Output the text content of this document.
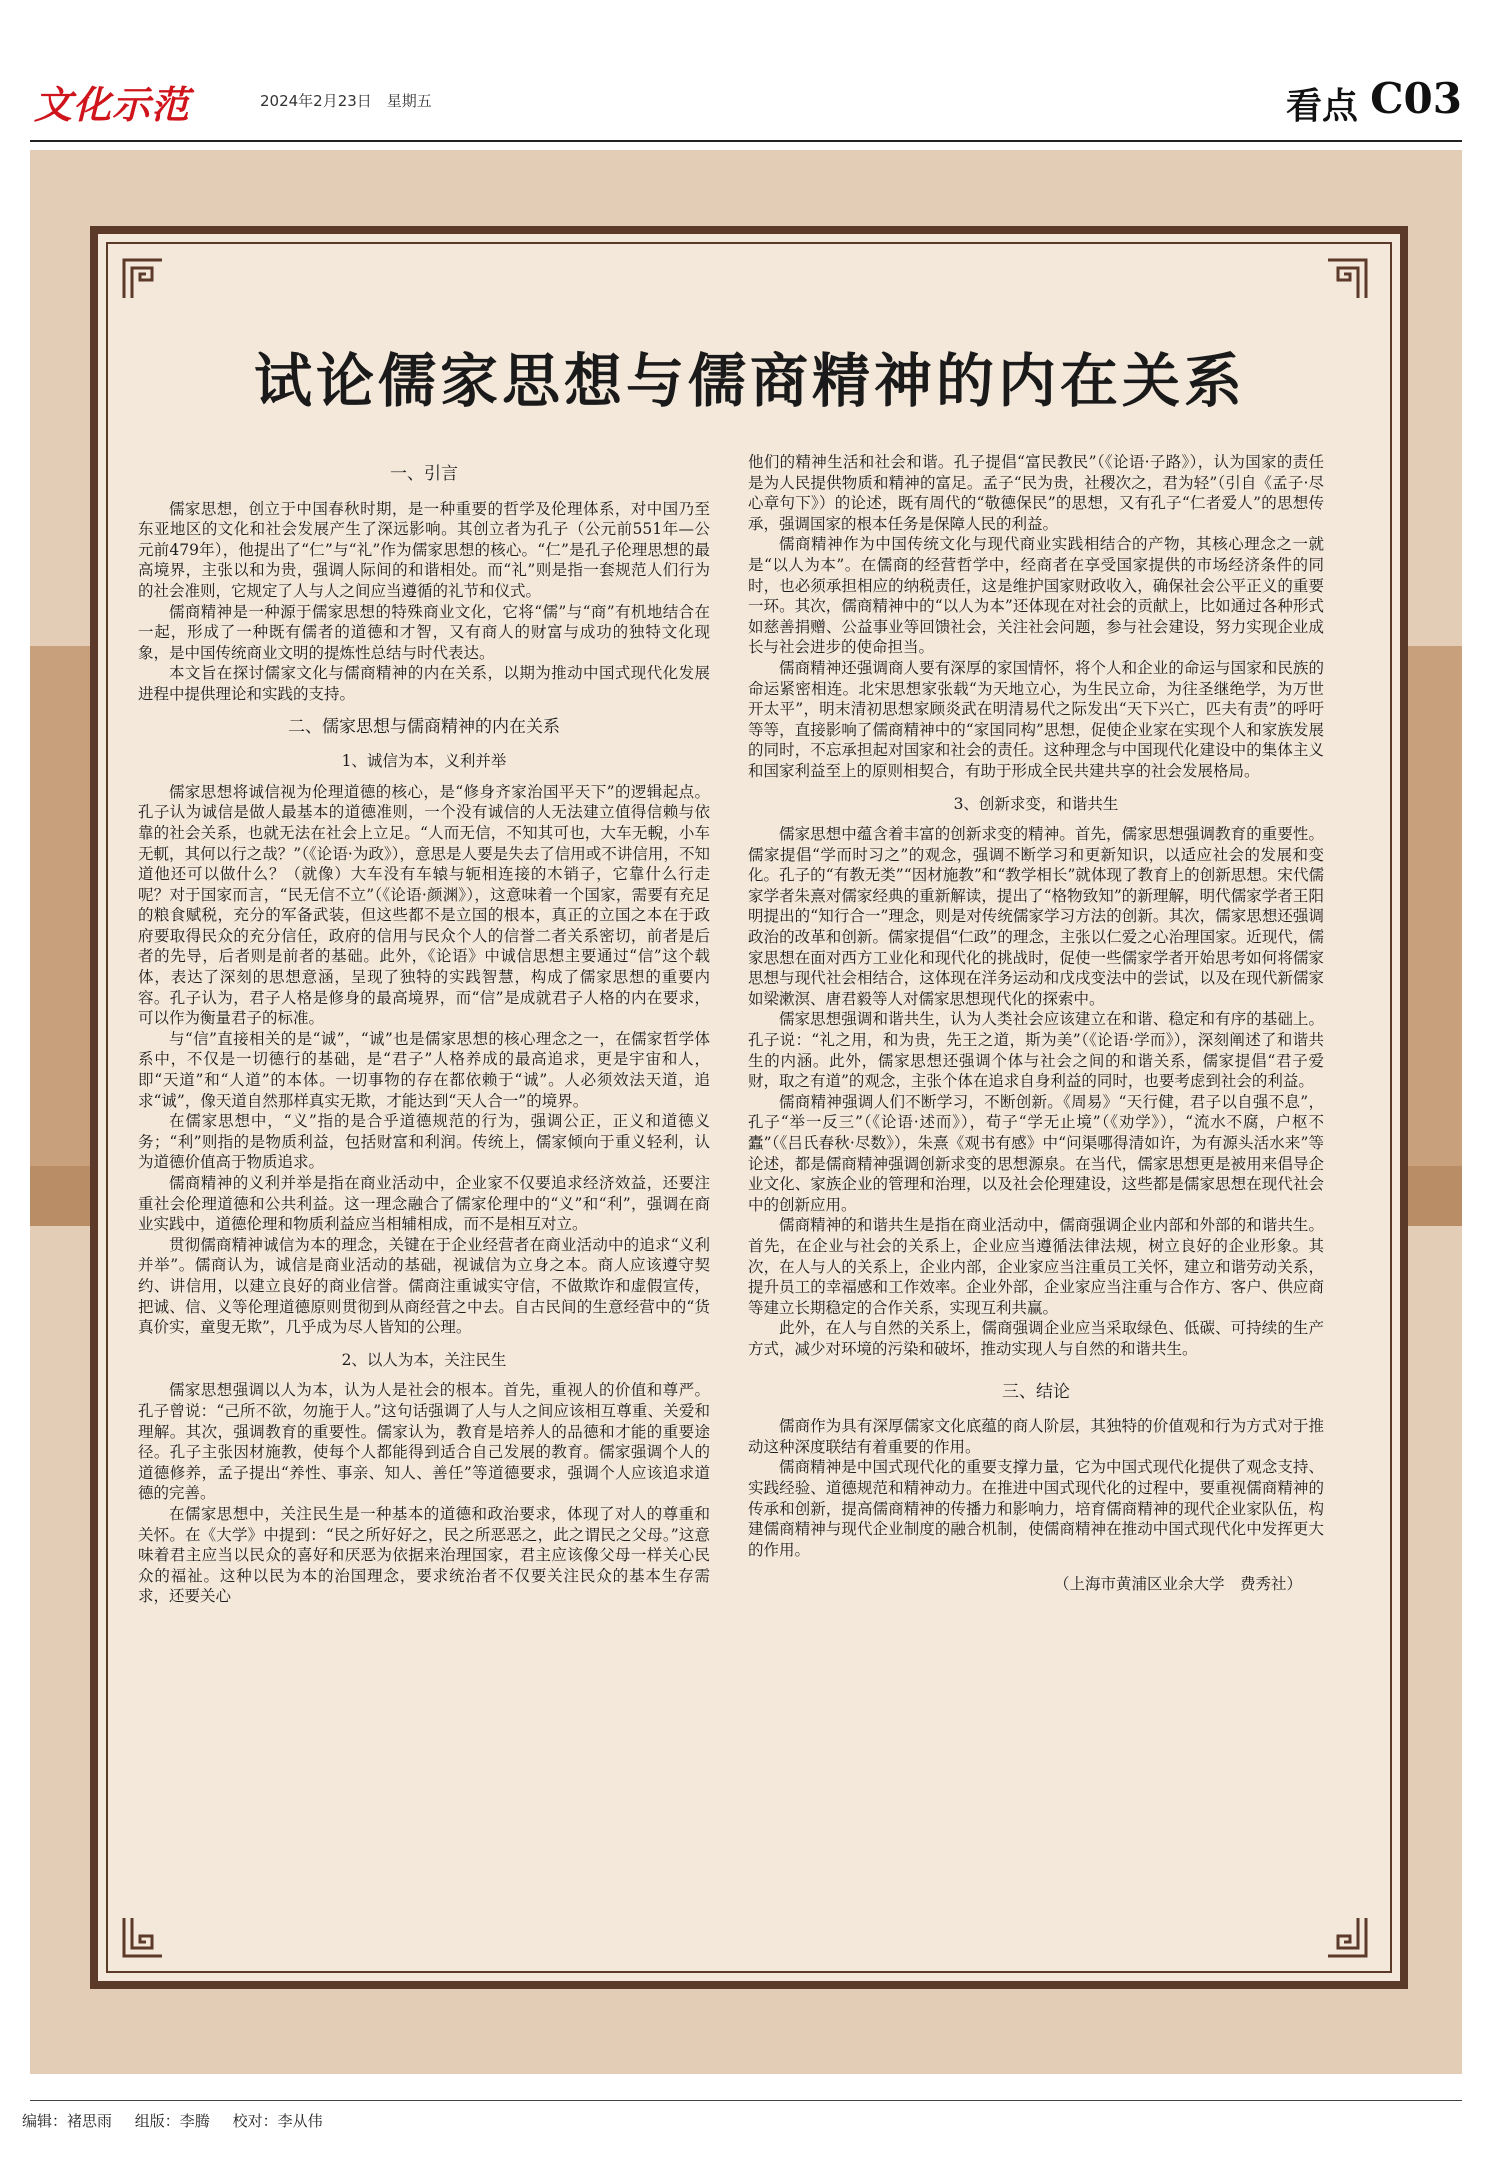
文化示范	2024年2月23日　星期五	看点 C03
试论儒家思想与儒商精神的内在关系
一、引言

儒家思想，创立于中国春秋时期，是一种重要的哲学及伦理体系，对中国乃至东亚地区的文化和社会发展产生了深远影响。其创立者为孔子（公元前551年—公元前479年），他提出了“仁”与“礼”作为儒家思想的核心。“仁”是孔子伦理思想的最高境界，主张以和为贵，强调人际间的和谐相处。而“礼”则是指一套规范人们行为的社会准则，它规定了人与人之间应当遵循的礼节和仪式。

儒商精神是一种源于儒家思想的特殊商业文化，它将“儒”与“商”有机地结合在一起，形成了一种既有儒者的道德和才智，又有商人的财富与成功的独特文化现象，是中国传统商业文明的提炼性总结与时代表达。

本文旨在探讨儒家文化与儒商精神的内在关系，以期为推动中国式现代化发展进程中提供理论和实践的支持。

二、儒家思想与儒商精神的内在关系
1、诚信为本，义利并举

儒家思想将诚信视为伦理道德的核心，是“修身齐家治国平天下”的逻辑起点。孔子认为诚信是做人最基本的道德准则，一个没有诚信的人无法建立值得信赖与依靠的社会关系，也就无法在社会上立足。“人而无信，不知其可也，大车无輗，小车无軏，其何以行之哉？”（《论语·为政》），意思是人要是失去了信用或不讲信用，不知道他还可以做什么？（就像）大车没有车辕与轭相连接的木销子，它靠什么行走呢？对于国家而言，“民无信不立”（《论语·颜渊》），这意味着一个国家，需要有充足的粮食赋税，充分的军备武装，但这些都不是立国的根本，真正的立国之本在于政府要取得民众的充分信任，政府的信用与民众个人的信誉二者关系密切，前者是后者的先导，后者则是前者的基础。此外，《论语》中诚信思想主要通过“信”这个载体，表达了深刻的思想意涵，呈现了独特的实践智慧，构成了儒家思想的重要内容。孔子认为，君子人格是修身的最高境界，而“信”是成就君子人格的内在要求，可以作为衡量君子的标准。

与“信”直接相关的是“诚”，“诚”也是儒家思想的核心理念之一，在儒家哲学体系中，不仅是一切德行的基础，是“君子”人格养成的最高追求，更是宇宙和人，即“天道”和“人道”的本体。一切事物的存在都依赖于“诚”。人必须效法天道，追求“诚”，像天道自然那样真实无欺，才能达到“天人合一”的境界。

在儒家思想中，“义”指的是合乎道德规范的行为，强调公正，正义和道德义务；“利”则指的是物质利益，包括财富和利润。传统上，儒家倾向于重义轻利，认为道德价值高于物质追求。

儒商精神的义利并举是指在商业活动中，企业家不仅要追求经济效益，还要注重社会伦理道德和公共利益。这一理念融合了儒家伦理中的“义”和“利”，强调在商业实践中，道德伦理和物质利益应当相辅相成，而不是相互对立。

贯彻儒商精神诚信为本的理念，关键在于企业经营者在商业活动中的追求“义利并举”。儒商认为，诚信是商业活动的基础，视诚信为立身之本。商人应该遵守契约、讲信用，以建立良好的商业信誉。儒商注重诚实守信，不做欺诈和虚假宣传，把诚、信、义等伦理道德原则贯彻到从商经营之中去。自古民间的生意经营中的“货真价实，童叟无欺”，几乎成为尽人皆知的公理。

2、以人为本，关注民生

儒家思想强调以人为本，认为人是社会的根本。首先，重视人的价值和尊严。孔子曾说：“己所不欲，勿施于人。”这句话强调了人与人之间应该相互尊重、关爱和理解。其次，强调教育的重要性。儒家认为，教育是培养人的品德和才能的重要途径。孔子主张因材施教，使每个人都能得到适合自己发展的教育。儒家强调个人的道德修养，孟子提出“养性、事亲、知人、善任”等道德要求，强调个人应该追求道德的完善。

在儒家思想中，关注民生是一种基本的道德和政治要求，体现了对人的尊重和关怀。在《大学》中提到：“民之所好好之，民之所恶恶之，此之谓民之父母。”这意味着君主应当以民众的喜好和厌恶为依据来治理国家，君主应该像父母一样关心民众的福祉。这种以民为本的治国理念，要求统治者不仅要关注民众的基本生存需求，还要关心

他们的精神生活和社会和谐。孔子提倡“富民教民”（《论语·子路》），认为国家的责任是为人民提供物质和精神的富足。孟子“民为贵，社稷次之，君为轻”（引自《孟子·尽心章句下》）的论述，既有周代的“敬德保民”的思想，又有孔子“仁者爱人”的思想传承，强调国家的根本任务是保障人民的利益。

儒商精神作为中国传统文化与现代商业实践相结合的产物，其核心理念之一就是“以人为本”。在儒商的经营哲学中，经商者在享受国家提供的市场经济条件的同时，也必须承担相应的纳税责任，这是维护国家财政收入，确保社会公平正义的重要一环。其次，儒商精神中的“以人为本”还体现在对社会的贡献上，比如通过各种形式如慈善捐赠、公益事业等回馈社会，关注社会问题，参与社会建设，努力实现企业成长与社会进步的使命担当。

儒商精神还强调商人要有深厚的家国情怀，将个人和企业的命运与国家和民族的命运紧密相连。北宋思想家张载“为天地立心，为生民立命，为往圣继绝学，为万世开太平”，明末清初思想家顾炎武在明清易代之际发出“天下兴亡，匹夫有责”的呼吁等等，直接影响了儒商精神中的“家国同构”思想，促使企业家在实现个人和家族发展的同时，不忘承担起对国家和社会的责任。这种理念与中国现代化建设中的集体主义和国家利益至上的原则相契合，有助于形成全民共建共享的社会发展格局。

3、创新求变，和谐共生

儒家思想中蕴含着丰富的创新求变的精神。首先，儒家思想强调教育的重要性。儒家提倡“学而时习之”的观念，强调不断学习和更新知识，以适应社会的发展和变化。孔子的“有教无类”“因材施教”和“教学相长”就体现了教育上的创新思想。宋代儒家学者朱熹对儒家经典的重新解读，提出了“格物致知”的新理解，明代儒家学者王阳明提出的“知行合一”理念，则是对传统儒家学习方法的创新。其次，儒家思想还强调政治的改革和创新。儒家提倡“仁政”的理念，主张以仁爱之心治理国家。近现代，儒家思想在面对西方工业化和现代化的挑战时，促使一些儒家学者开始思考如何将儒家思想与现代社会相结合，这体现在洋务运动和戊戌变法中的尝试，以及在现代新儒家如梁漱溟、唐君毅等人对儒家思想现代化的探索中。

儒家思想强调和谐共生，认为人类社会应该建立在和谐、稳定和有序的基础上。孔子说：“礼之用，和为贵，先王之道，斯为美”（《论语·学而》），深刻阐述了和谐共生的内涵。此外，儒家思想还强调个体与社会之间的和谐关系，儒家提倡“君子爱财，取之有道”的观念，主张个体在追求自身利益的同时，也要考虑到社会的利益。

儒商精神强调人们不断学习，不断创新。《周易》“天行健，君子以自强不息”，孔子“举一反三”（《论语·述而》），荀子“学无止境”（《劝学》），“流水不腐，户枢不蠹”（《吕氏春秋·尽数》），朱熹《观书有感》中“问渠哪得清如许，为有源头活水来”等论述，都是儒商精神强调创新求变的思想源泉。在当代，儒家思想更是被用来倡导企业文化、家族企业的管理和治理，以及社会伦理建设，这些都是儒家思想在现代社会中的创新应用。

儒商精神的和谐共生是指在商业活动中，儒商强调企业内部和外部的和谐共生。首先，在企业与社会的关系上，企业应当遵循法律法规，树立良好的企业形象。其次，在人与人的关系上，企业内部，企业家应当注重员工关怀，建立和谐劳动关系，提升员工的幸福感和工作效率。企业外部，企业家应当注重与合作方、客户、供应商等建立长期稳定的合作关系，实现互利共赢。

此外，在人与自然的关系上，儒商强调企业应当采取绿色、低碳、可持续的生产方式，减少对环境的污染和破坏，推动实现人与自然的和谐共生。

三、结论

儒商作为具有深厚儒家文化底蕴的商人阶层，其独特的价值观和行为方式对于推动这种深度联结有着重要的作用。

儒商精神是中国式现代化的重要支撑力量，它为中国式现代化提供了观念支持、实践经验、道德规范和精神动力。在推进中国式现代化的过程中，要重视儒商精神的传承和创新，提高儒商精神的传播力和影响力，培育儒商精神的现代企业家队伍，构建儒商精神与现代企业制度的融合机制，使儒商精神在推动中国式现代化中发挥更大的作用。

（上海市黄浦区业余大学　费秀社）
编辑：褚思雨 组版：李腾 校对：李从伟
